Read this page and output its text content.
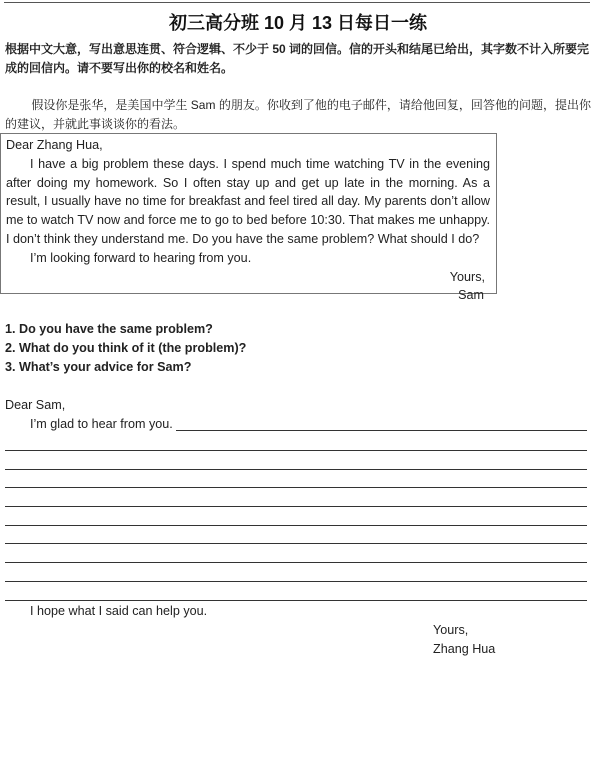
初三高分班 10 月 13 日每日一练
根据中文大意，写出意思连贯、符合逻辑、不少于 50 词的回信。信的开头和结尾已给出，其字数不计入所要完成的回信内。请不要写出你的校名和姓名。
假设你是张华，是美国中学生 Sam 的朋友。你收到了他的电子邮件，请给他回复，回答他的问题，提出你的建议，并就此事谈谈你的看法。

Dear Zhang Hua,

I have a big problem these days. I spend much time watching TV in the evening after doing my homework. So I often stay up and get up late in the morning. As a result, I usually have no time for breakfast and feel tired all day. My parents don’t allow me to watch TV now and force me to go to bed before 10:30. That makes me unhappy. I don’t think they understand me. Do you have the same problem? What should I do?

I’m looking forward to hearing from you.

Yours,

Sam

1. Do you have the same problem?
2. What do you think of it (the problem)?
3. What’s your advice for Sam?
Dear Sam,
I’m glad to hear from you.
I hope what I said can help you.
Yours,
Zhang Hua
